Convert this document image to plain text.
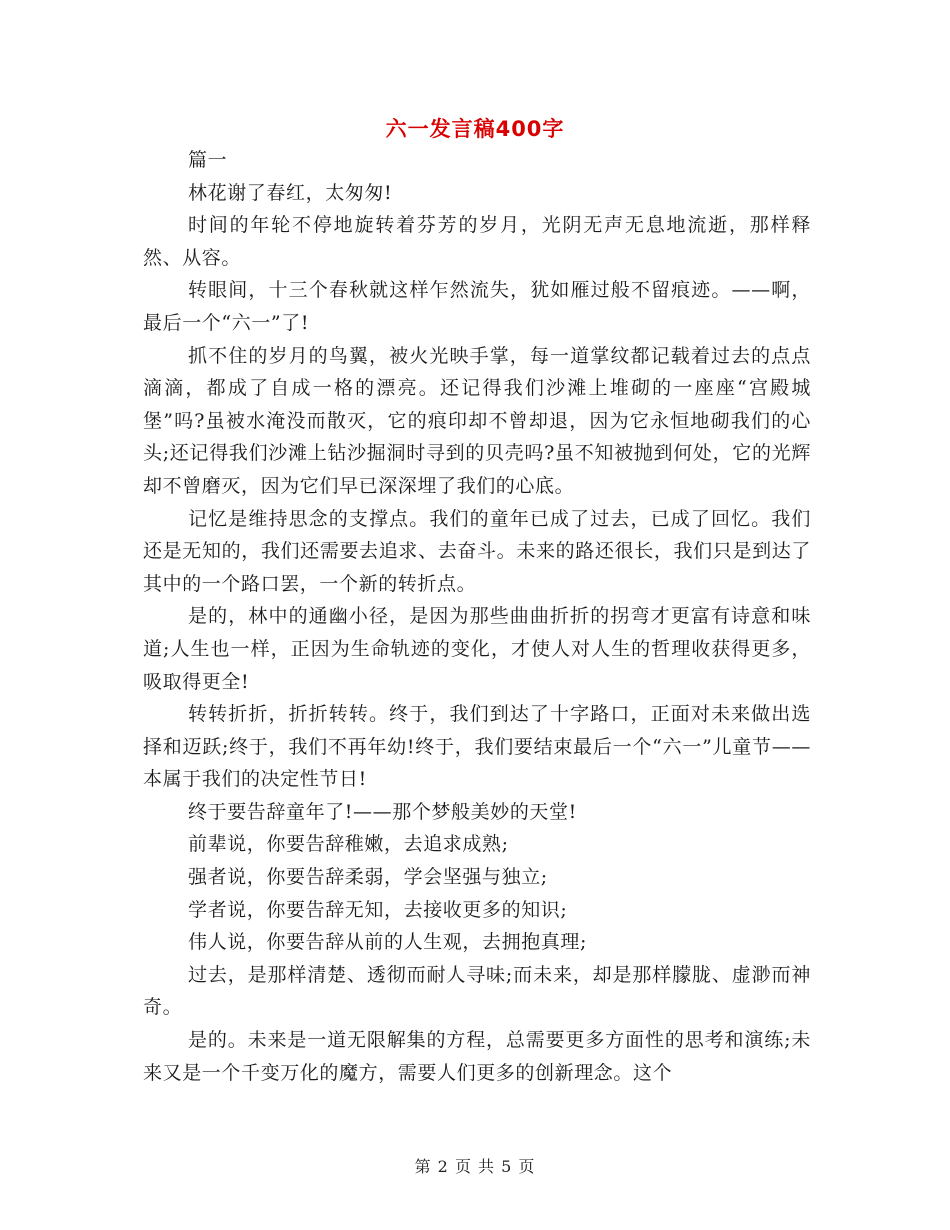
六一发言稿400字

篇一

林花谢了春红，太匆匆!

时间的年轮不停地旋转着芬芳的岁月，光阴无声无息地流逝，那样释然、从容。

转眼间，十三个春秋就这样乍然流失，犹如雁过般不留痕迹。——啊，最后一个“六一”了!

抓不住的岁月的鸟翼，被火光映手掌，每一道掌纹都记载着过去的点点滴滴，都成了自成一格的漂亮。还记得我们沙滩上堆砌的一座座“宫殿城堡”吗?虽被水淹没而散灭，它的痕印却不曾却退，因为它永恒地砌我们的心头;还记得我们沙滩上钻沙掘洞时寻到的贝壳吗?虽不知被抛到何处，它的光辉却不曾磨灭，因为它们早已深深埋了我们的心底。

记忆是维持思念的支撑点。我们的童年已成了过去，已成了回忆。我们还是无知的，我们还需要去追求、去奋斗。未来的路还很长，我们只是到达了其中的一个路口罢，一个新的转折点。

是的，林中的通幽小径，是因为那些曲曲折折的拐弯才更富有诗意和味道;人生也一样，正因为生命轨迹的变化，才使人对人生的哲理收获得更多，吸取得更全!

转转折折，折折转转。终于，我们到达了十字路口，正面对未来做出选择和迈跃;终于，我们不再年幼!终于，我们要结束最后一个“六一”儿童节——本属于我们的决定性节日!

终于要告辞童年了!——那个梦般美妙的天堂!

前辈说，你要告辞稚嫩，去追求成熟;

强者说，你要告辞柔弱，学会坚强与独立;

学者说，你要告辞无知，去接收更多的知识;

伟人说，你要告辞从前的人生观，去拥抱真理;

过去，是那样清楚、透彻而耐人寻味;而未来，却是那样朦胧、虚渺而神奇。

是的。未来是一道无限解集的方程，总需要更多方面性的思考和演练;未来又是一个千变万化的魔方，需要人们更多的创新理念。这个

第 2 页 共 5 页
